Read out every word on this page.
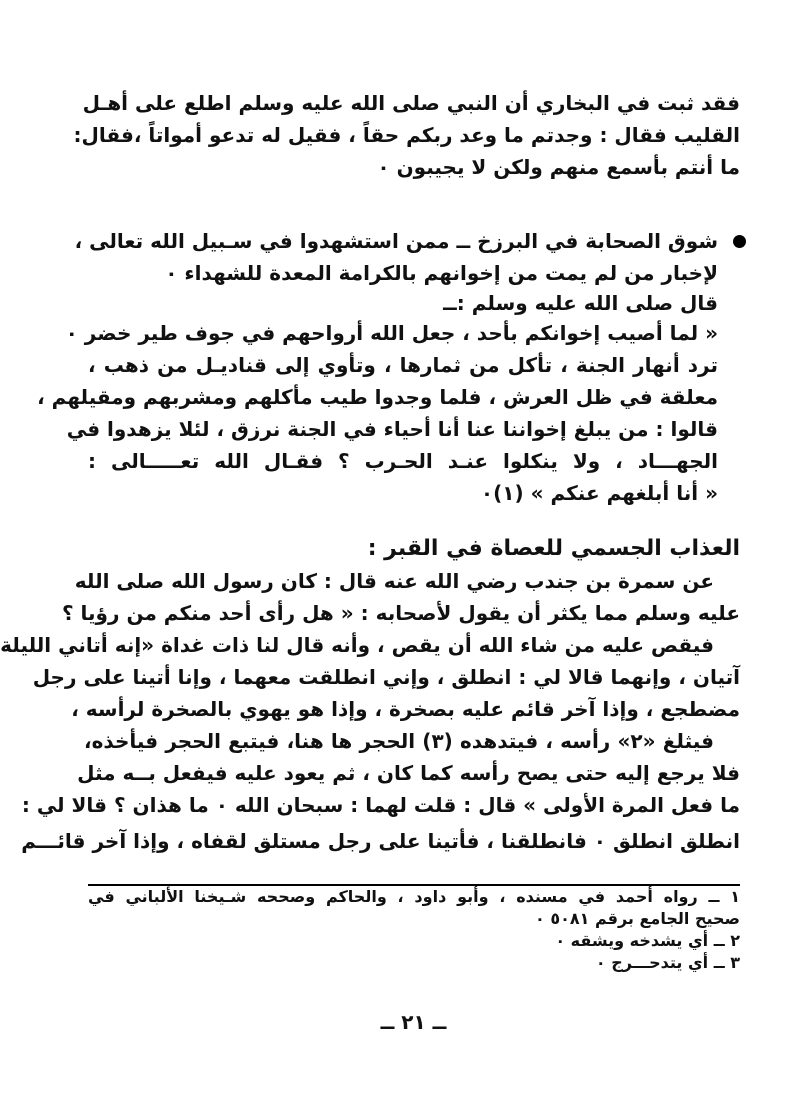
فقد ثبت في البخاري أن النبي صلى الله عليه وسلم اطلع على أهـل
القليب فقال : وجدتم ما وعد ربكم حقاً ، فقيل له تدعو أمواتاً ،فقال:
ما أنتم بأسمع منهم ولكن لا يجيبون ٠
شوق الصحابة في البرزخ ــ ممن استشهدوا في سـبيل الله تعالى ،
لإخبار من لم يمت من إخوانهم بالكرامة المعدة للشهداء ٠
قال صلى الله عليه وسلم :ــ
« لما أصيب إخوانكم بأحد ، جعل الله أرواحهم في جوف طير خضر ٠
ترد أنهار الجنة ، تأكل من ثمارها ، وتأوي إلى قناديـل من ذهب ،
معلقة في ظل العرش ، فلما وجدوا طيب مأكلهم ومشربهم ومقيلهم ،
قالوا : من يبلغ إخواننا عنا أنا أحياء في الجنة نرزق ، لئلا يزهدوا في
الجهـــاد ، ولا ينكلوا عنـد الحـرب ؟ فقـال الله تعـــــالى :
« أنا أبلغهم عنكم » (١)٠
العذاب الجسمي للعصاة في القبر :
عن سمرة بن جندب رضي الله عنه قال : كان رسول الله صلى الله
عليه وسلم مما يكثر أن يقول لأصحابه : « هل رأى أحد منكم من رؤيا ؟
فيقص عليه من شاء الله أن يقص ، وأنه قال لنا ذات غداة «إنه أتاني الليلة
آتيان ، وإنهما قالا لي : انطلق ، وإني انطلقت معهما ، وإنا أتينا على رجل
مضطجع ، وإذا آخر قائم عليه بصخرة ، وإذا هو يهوي بالصخرة لرأسه ،
فيثلغ «٢» رأسه ، فيتدهده (٣) الحجر ها هنا، فيتبع الحجر فيأخذه،
فلا يرجع إليه حتى يصح رأسه كما كان ، ثم يعود عليه فيفعل بــه مثل
ما فعل المرة الأولى » قال : قلت لهما : سبحان الله ٠ ما هذان ؟ قالا لي :
انطلق انطلق ٠ فانطلقنا ، فأتينا على رجل مستلق لقفاه ، وإذا آخر قائـــم
١ ــ رواه أحمد في مسنده ، وأبو داود ، والحاكم وصححه شـيخنا الألباني في
صحيح الجامع برقم ٥٠٨١ ٠
٢ ــ أي يشدخه ويشقه ٠
٣ ــ أي يتدحـــرج ٠
ــ ٢١ ــ
